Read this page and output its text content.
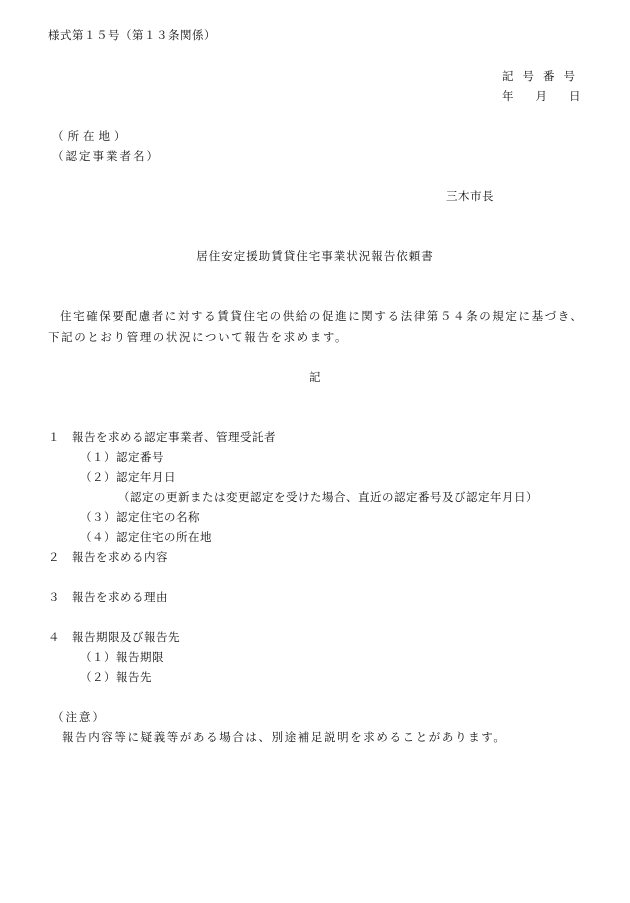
様式第１５号（第１３条関係）
記号番号
年月日
（所在地）
（認定事業者名）
三木市長
居住安定援助賃貸住宅事業状況報告依頼書
住宅確保要配慮者に対する賃貸住宅の供給の促進に関する法律第５４条の規定に基づき、下記のとおり管理の状況について報告を求めます。
記
１　報告を求める認定事業者、管理受託者
（１）認定番号
（２）認定年月日
（認定の更新または変更認定を受けた場合、直近の認定番号及び認定年月日）
（３）認定住宅の名称
（４）認定住宅の所在地
２　報告を求める内容
３　報告を求める理由
４　報告期限及び報告先
（１）報告期限
（２）報告先
（注意）
報告内容等に疑義等がある場合は、別途補足説明を求めることがあります。
